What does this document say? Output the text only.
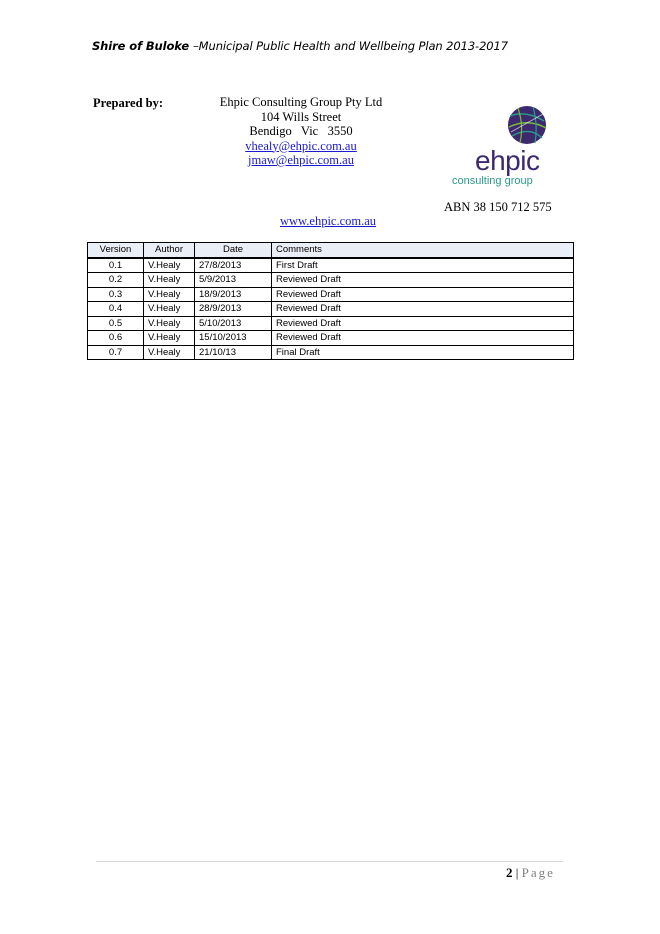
Shire of Buloke –Municipal Public Health and Wellbeing Plan 2013-2017
Prepared by:	Ehpic Consulting Group Pty Ltd
104 Wills Street
Bendigo   Vic   3550
vhealy@ehpic.com.au
jmaw@ehpic.com.au	ehpic
consulting group
ABN 38 150 712 575
www.ehpic.com.au
Version	Author	Date	Comments
0.1	V.Healy	27/8/2013	First Draft
0.2	V.Healy	5/9/2013	Reviewed Draft
0.3	V.Healy	18/9/2013	Reviewed Draft
0.4	V.Healy	28/9/2013	Reviewed Draft
0.5	V.Healy	5/10/2013	Reviewed Draft
0.6	V.Healy	15/10/2013	Reviewed Draft
0.7	V.Healy	21/10/13	Final Draft
2 | Page
